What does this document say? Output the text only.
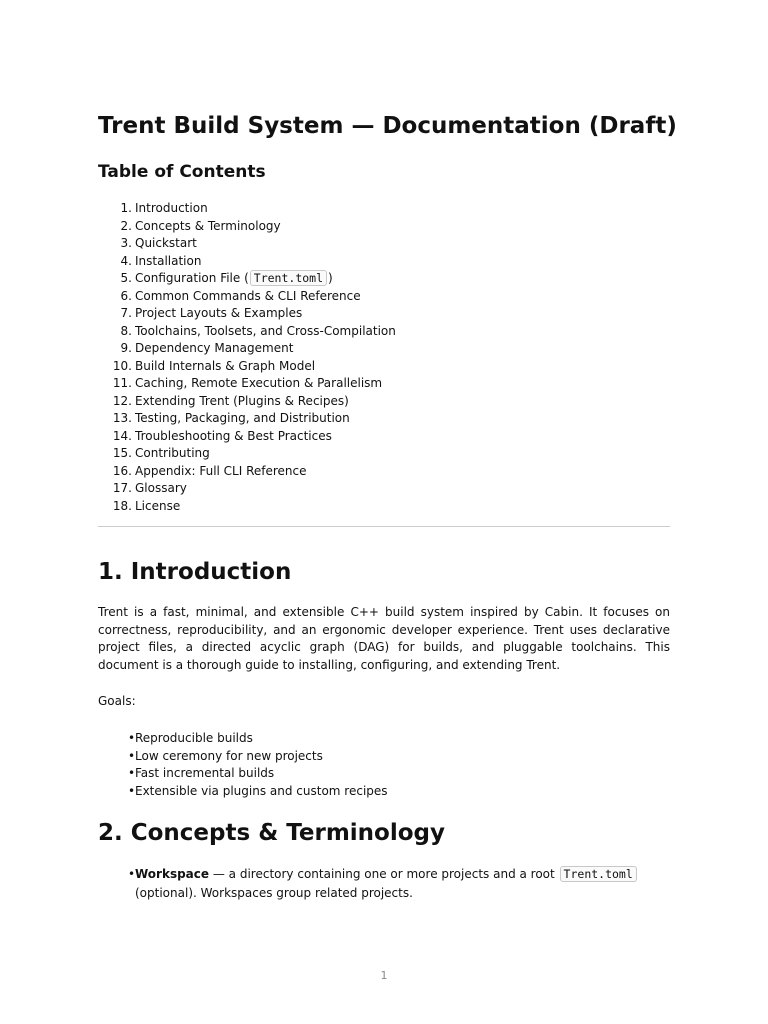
Trent Build System — Documentation (Draft)
Table of Contents
1. Introduction
2. Concepts & Terminology
3. Quickstart
4. Installation
5. Configuration File ( Trent.toml )
6. Common Commands & CLI Reference
7. Project Layouts & Examples
8. Toolchains, Toolsets, and Cross-Compilation
9. Dependency Management
10. Build Internals & Graph Model
11. Caching, Remote Execution & Parallelism
12. Extending Trent (Plugins & Recipes)
13. Testing, Packaging, and Distribution
14. Troubleshooting & Best Practices
15. Contributing
16. Appendix: Full CLI Reference
17. Glossary
18. License
1. Introduction

Trent is a fast, minimal, and extensible C++ build system inspired by Cabin. It focuses on correctness, reproducibility, and an ergonomic developer experience. Trent uses declarative project files, a directed acyclic graph (DAG) for builds, and pluggable toolchains. This document is a thorough guide to installing, configuring, and extending Trent.

Goals:

• Reproducible builds
• Low ceremony for new projects
• Fast incremental builds
• Extensible via plugins and custom recipes
2. Concepts & Terminology
• Workspace — a directory containing one or more projects and a root Trent.toml (optional). Workspaces group related projects.
1
